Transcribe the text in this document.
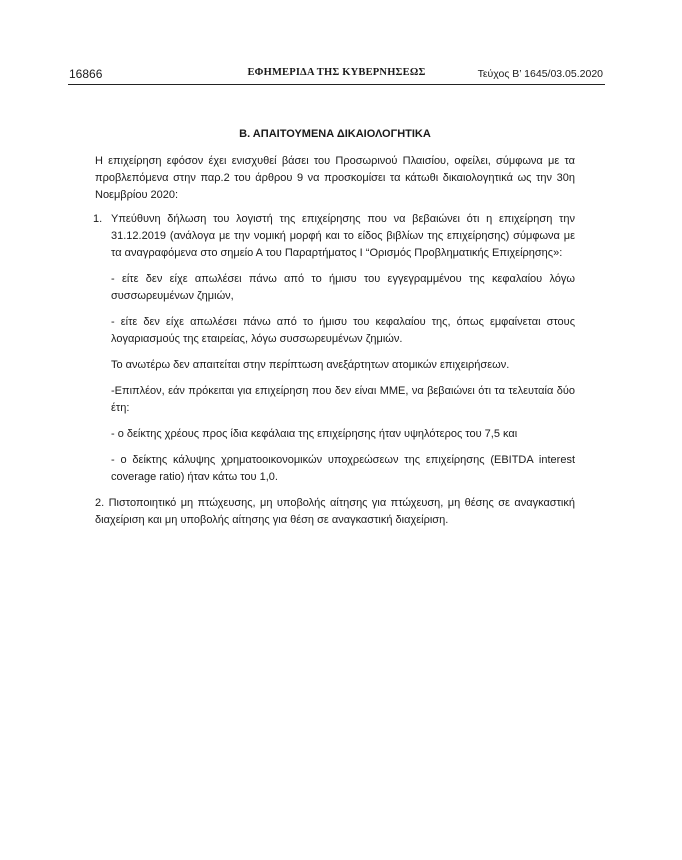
16866	ΕΦΗΜΕΡΙΔΑ ΤΗΣ ΚΥΒΕΡΝΗΣΕΩΣ	Τεύχος B’ 1645/03.05.2020
Β. ΑΠΑΙΤΟΥΜΕΝΑ ΔΙΚΑΙΟΛΟΓΗΤΙΚΑ

Η επιχείρηση εφόσον έχει ενισχυθεί βάσει του Προσωρινού Πλαισίου, οφείλει, σύμφωνα με τα προβλεπόμενα στην παρ.2 του άρθρου 9 να προσκομίσει τα κάτωθι δικαιολογητικά ως την 30η Νοεμβρίου 2020:

1. Υπεύθυνη δήλωση του λογιστή της επιχείρησης που να βεβαιώνει ότι η επιχείρηση την 31.12.2019 (ανάλογα με την νομική μορφή και το είδος βιβλίων της επιχείρησης) σύμφωνα με τα αναγραφόμενα στο σημείο Α του Παραρτήματος Ι “Ορισμός Προβληματικής Επιχείρησης»:

- είτε δεν είχε απωλέσει πάνω από το ήμισυ του εγγεγραμμένου της κεφαλαίου λόγω συσσωρευμένων ζημιών,

- είτε δεν είχε απωλέσει πάνω από το ήμισυ του κεφαλαίου της, όπως εμφαίνεται στους λογαριασμούς της εταιρείας, λόγω συσσωρευμένων ζημιών.

Το ανωτέρω δεν απαιτείται στην περίπτωση ανεξάρτητων ατομικών επιχειρήσεων.

-Επιπλέον, εάν πρόκειται για επιχείρηση που δεν είναι ΜΜΕ, να βεβαιώνει ότι τα τελευταία δύο έτη:

- ο δείκτης χρέους προς ίδια κεφάλαια της επιχείρησης ήταν υψηλότερος του 7,5 και

- ο δείκτης κάλυψης χρηματοοικονομικών υποχρεώσεων της επιχείρησης (EBITDA interest coverage ratio) ήταν κάτω του 1,0.

2. Πιστοποιητικό μη πτώχευσης, μη υποβολής αίτησης για πτώχευση, μη θέσης σε αναγκαστική διαχείριση και μη υποβολής αίτησης για θέση σε αναγκαστική διαχείριση.
